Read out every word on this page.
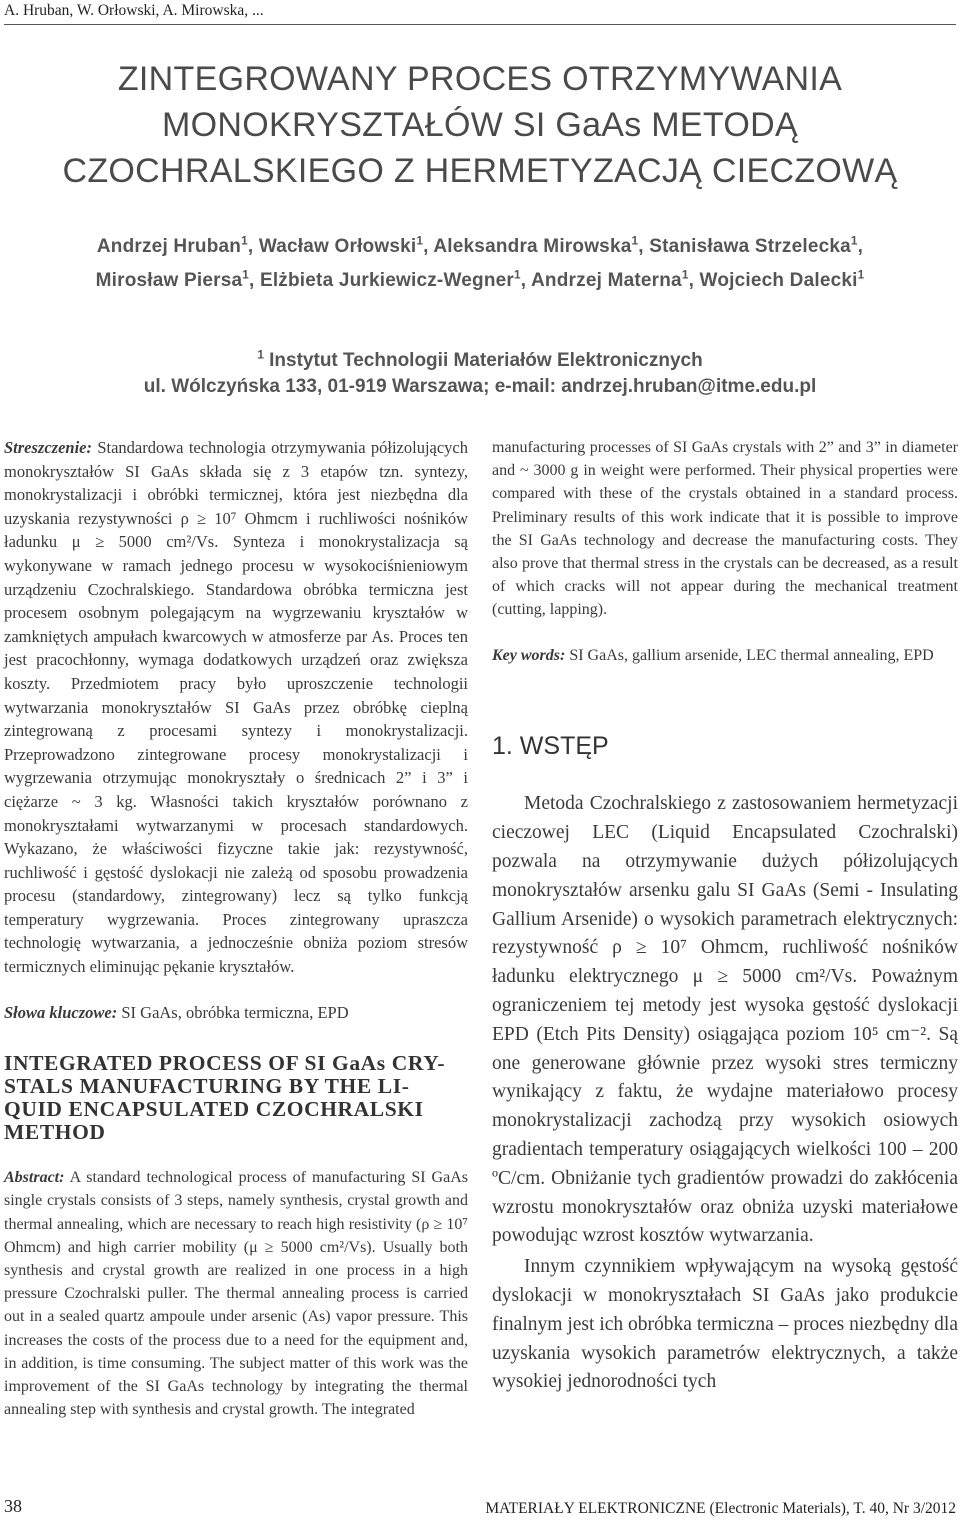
A. Hruban, W. Orłowski, A. Mirowska, ...
ZINTEGROWANY PROCES OTRZYMYWANIA
MONOKRYSZTAŁÓW SI GaAs METODĄ
CZOCHRALSKIEGO Z HERMETYZACJĄ CIECZOWĄ
Andrzej Hruban$^1$, Wacław Orłowski$^1$, Aleksandra Mirowska$^1$, Stanisława Strzelecka$^1$,
Mirosław Piersa$^1$, Elżbieta Jurkiewicz-Wegner$^1$, Andrzej Materna$^1$, Wojciech Dalecki$^1$
$^1$ Instytut Technologii Materiałów Elektronicznych
ul. Wólczyńska 133, 01-919 Warszawa; e-mail: andrzej.hruban@itme.edu.pl

Streszczenie: Standardowa technologia otrzymywania półizolujących monokryształów SI GaAs składa się z 3 etapów tzn. syntezy, monokrystalizacji i obróbki termicznej, która jest niezbędna dla uzyskania rezystywności ρ ≥ 10⁷ Ohmcm i ruchliwości nośników ładunku μ ≥ 5000 cm²/Vs. Synteza i monokrystalizacja są wykonywane w ramach jednego procesu w wysokociśnieniowym urządzeniu Czochralskiego. Standardowa obróbka termiczna jest procesem osobnym polegającym na wygrzewaniu kryształów w zamkniętych ampułach kwarcowych w atmosferze par As. Proces ten jest pracochłonny, wymaga dodatkowych urządzeń oraz zwiększa koszty. Przedmiotem pracy było uproszczenie technologii wytwarzania monokryształów SI GaAs przez obróbkę cieplną zintegrowaną z procesami syntezy i monokrystalizacji. Przeprowadzono zintegrowane procesy monokrystalizacji i wygrzewania otrzymując monokryształy o średnicach 2” i 3” i ciężarze ~ 3 kg. Własności takich kryształów porównano z monokryształami wytwarzanymi w procesach standardowych. Wykazano, że właściwości fizyczne takie jak: rezystywność, ruchliwość i gęstość dyslokacji nie zależą od sposobu prowadzenia procesu (standardowy, zintegrowany) lecz są tylko funkcją temperatury wygrzewania. Proces zintegrowany upraszcza technologię wytwarzania, a jednocześnie obniża poziom stresów termicznych eliminując pękanie kryształów.

Słowa kluczowe: SI GaAs, obróbka termiczna, EPD

INTEGRATED PROCESS OF SI GaAs CRY-
STALS MANUFACTURING BY THE LI-
QUID ENCAPSULATED CZOCHRALSKI
METHOD

Abstract: A standard technological process of manufacturing SI GaAs single crystals consists of 3 steps, namely synthesis, crystal growth and thermal annealing, which are necessary to reach high resistivity (ρ ≥ 10⁷ Ohmcm) and high carrier mobility (μ ≥ 5000 cm²/Vs). Usually both synthesis and crystal growth are realized in one process in a high pressure Czochralski puller. The thermal annealing process is carried out in a sealed quartz ampoule under arsenic (As) vapor pressure. This increases the costs of the process due to a need for the equipment and, in addition, is time consuming. The subject matter of this work was the improvement of the SI GaAs technology by integrating the thermal annealing step with synthesis and crystal growth. The integrated

manufacturing processes of SI GaAs crystals with 2” and 3” in diameter and ~ 3000 g in weight were performed. Their physical properties were compared with these of the crystals obtained in a standard process. Preliminary results of this work indicate that it is possible to improve the SI GaAs technology and decrease the manufacturing costs. They also prove that thermal stress in the crystals can be decreased, as a result of which cracks will not appear during the mechanical treatment (cutting, lapping).

Key words: SI GaAs, gallium arsenide, LEC thermal annealing, EPD

1. WSTĘP

Metoda Czochralskiego z zastosowaniem hermetyzacji cieczowej LEC (Liquid Encapsulated Czochralski) pozwala na otrzymywanie dużych półizolujących monokryształów arsenku galu SI GaAs (Semi - Insulating Gallium Arsenide) o wysokich parametrach elektrycznych: rezystywność ρ ≥ 10⁷ Ohmcm, ruchliwość nośników ładunku elektrycznego μ ≥ 5000 cm²/Vs. Poważnym ograniczeniem tej metody jest wysoka gęstość dyslokacji EPD (Etch Pits Density) osiągająca poziom 10⁵ cm⁻². Są one generowane głównie przez wysoki stres termiczny wynikający z faktu, że wydajne materiałowo procesy monokrystalizacji zachodzą przy wysokich osiowych gradientach temperatury osiągających wielkości 100 – 200 ºC/cm. Obniżanie tych gradientów prowadzi do zakłócenia wzrostu monokryształów oraz obniża uzyski materiałowe powodując wzrost kosztów wytwarzania.

Innym czynnikiem wpływającym na wysoką gęstość dyslokacji w monokryształach SI GaAs jako produkcie finalnym jest ich obróbka termiczna – proces niezbędny dla uzyskania wysokich parametrów elektrycznych, a także wysokiej jednorodności tych

38	MATERIAŁY ELEKTRONICZNE (Electronic Materials), T. 40, Nr 3/2012
